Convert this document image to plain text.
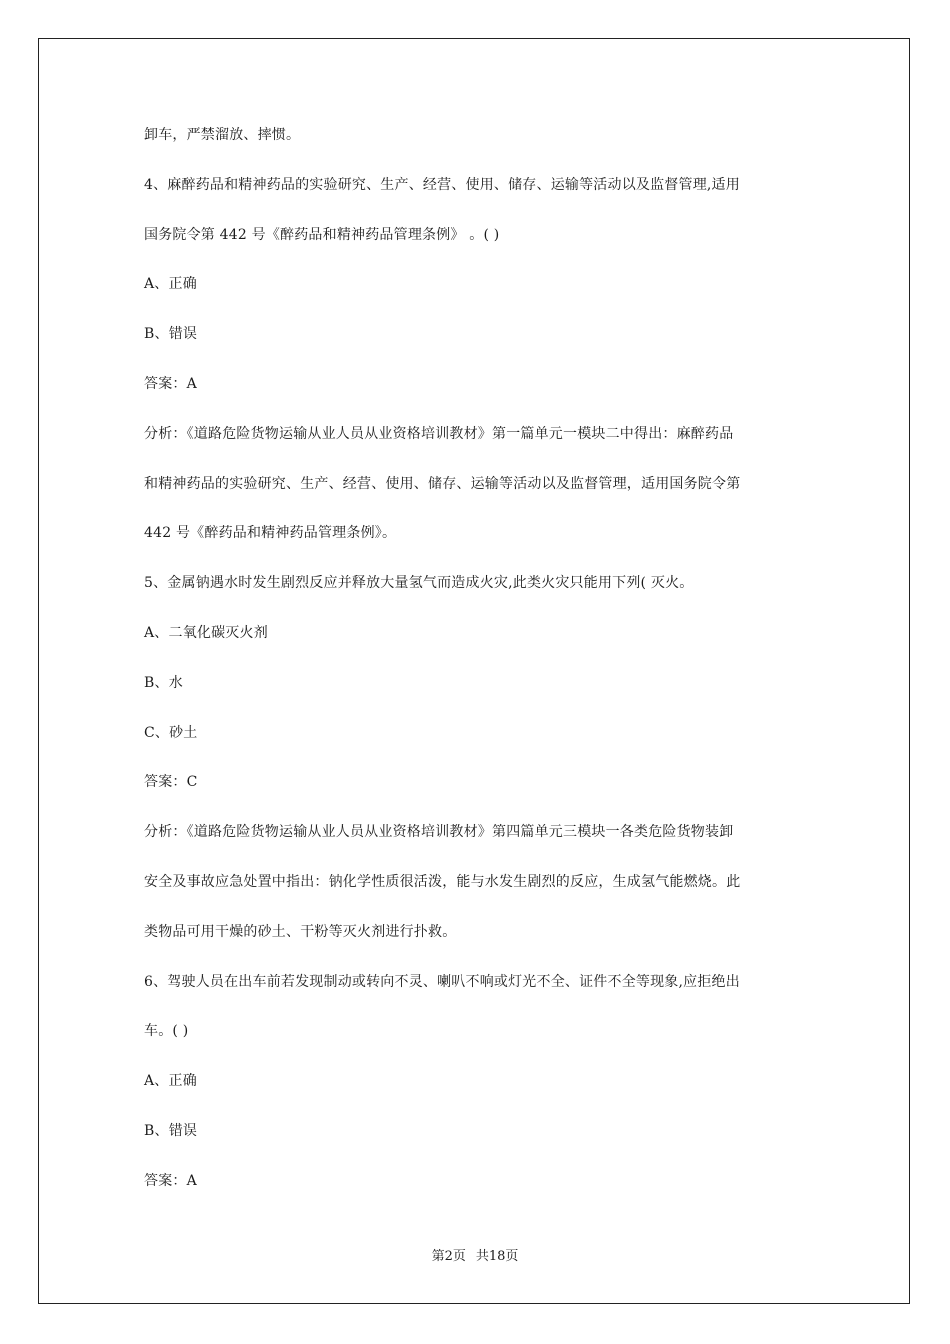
卸车，严禁溜放、摔惯。
4、麻醉药品和精神药品的实验研究、生产、经营、使用、储存、运输等活动以及监督管理,适用
国务院令第 442 号《醉药品和精神药品管理条例》 。( )
A、正确
B、错误
答案：A
分析：《道路危险货物运输从业人员从业资格培训教材》第一篇单元一模块二中得出：麻醉药品
和精神药品的实验研究、生产、经营、使用、储存、运输等活动以及监督管理，适用国务院令第
442 号《醉药品和精神药品管理条例》。
5、金属钠遇水时发生剧烈反应并释放大量氢气而造成火灾,此类火灾只能用下列( 灭火。
A、二氧化碳灭火剂
B、水
C、砂土
答案：C
分析：《道路危险货物运输从业人员从业资格培训教材》第四篇单元三模块一各类危险货物装卸
安全及事故应急处置中指出：钠化学性质很活泼，能与水发生剧烈的反应，生成氢气能燃烧。此
类物品可用干燥的砂土、干粉等灭火剂进行扑救。
6、驾驶人员在出车前若发现制动或转向不灵、喇叭不响或灯光不全、证件不全等现象,应拒绝出
车。( )
A、正确
B、错误
答案：A
第2页 共18页
